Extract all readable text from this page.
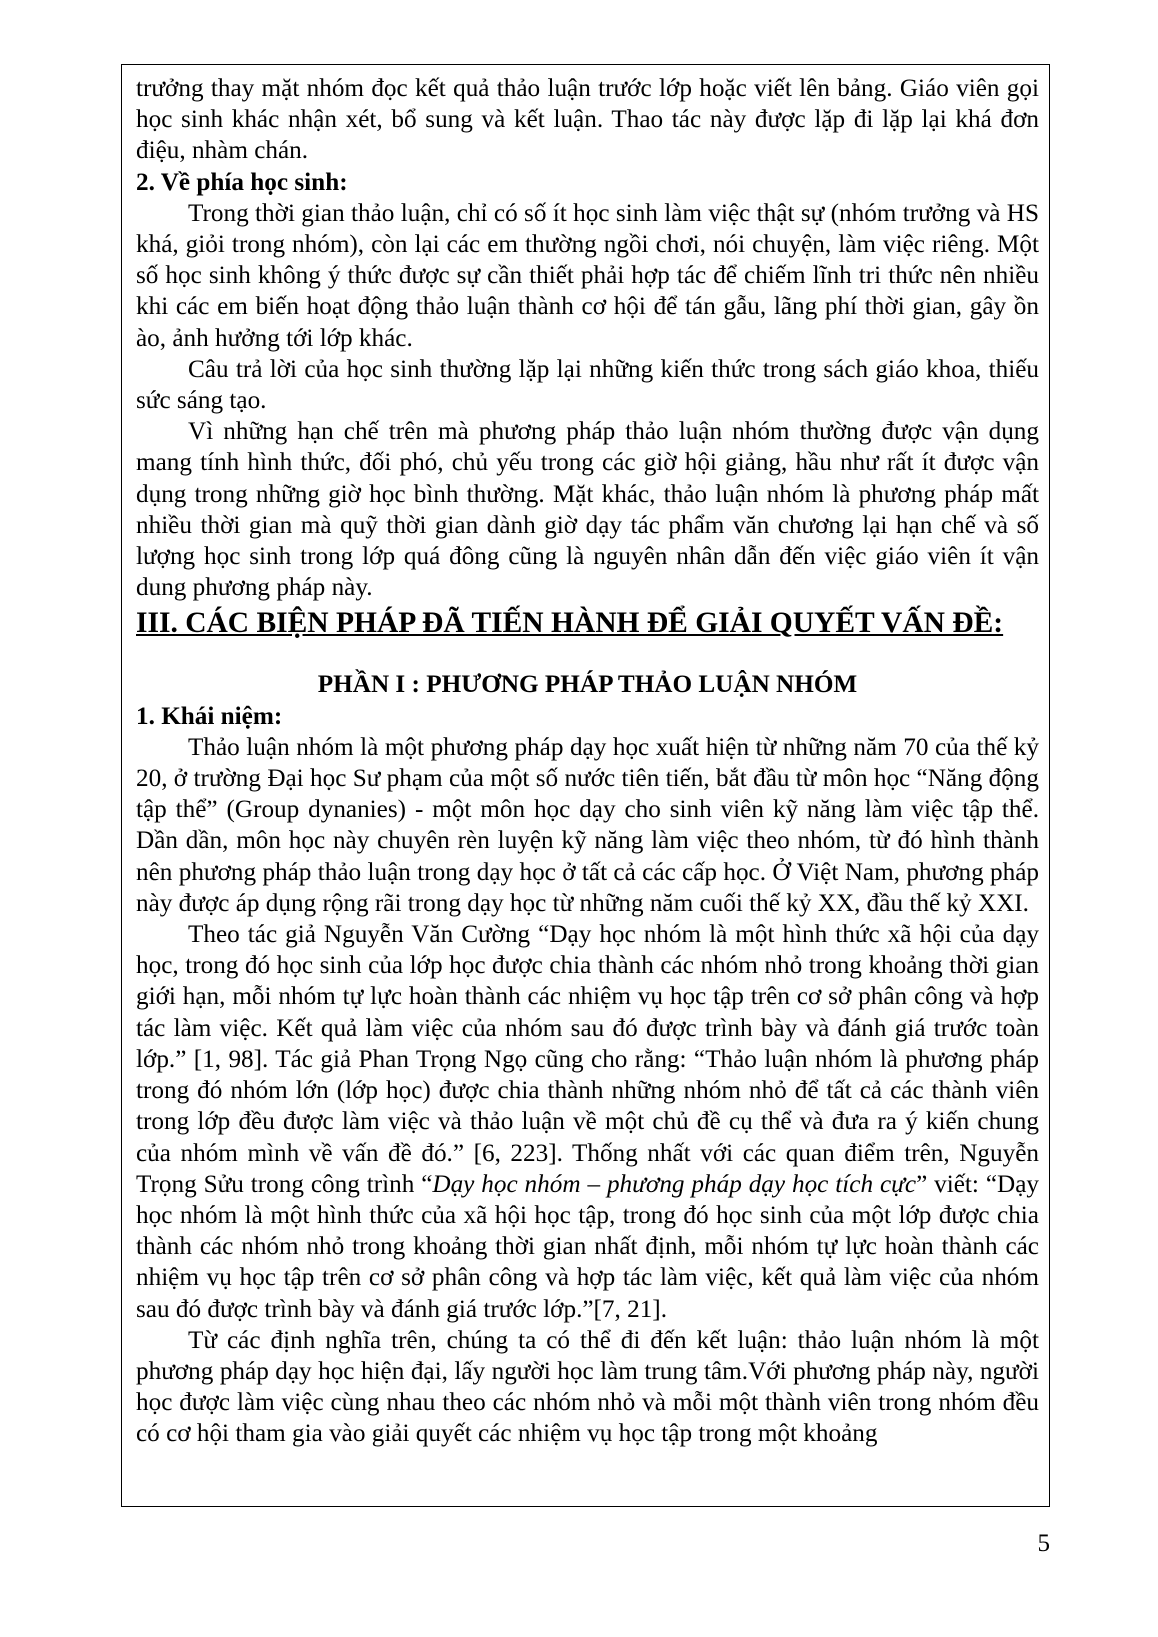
trưởng thay mặt nhóm đọc kết quả thảo luận trước lớp hoặc viết lên bảng. Giáo viên gọi học sinh khác nhận xét, bổ sung và kết luận. Thao tác này được lặp đi lặp lại khá đơn điệu, nhàm chán.

2. Về phía học sinh:

Trong thời gian thảo luận, chỉ có số ít học sinh làm việc thật sự (nhóm trưởng và HS khá, giỏi trong nhóm), còn lại các em thường ngồi chơi, nói chuyện, làm việc riêng. Một số học sinh không ý thức được sự cần thiết phải hợp tác để chiếm lĩnh tri thức nên nhiều khi các em biến hoạt động thảo luận thành cơ hội để tán gẫu, lãng phí thời gian, gây ồn ào, ảnh hưởng tới lớp khác.

Câu trả lời của học sinh thường lặp lại những kiến thức trong sách giáo khoa, thiếu sức sáng tạo.

Vì những hạn chế trên mà phương pháp thảo luận nhóm thường được vận dụng mang tính hình thức, đối phó, chủ yếu trong các giờ hội giảng, hầu như rất ít được vận dụng trong những giờ học bình thường. Mặt khác, thảo luận nhóm là phương pháp mất nhiều thời gian mà quỹ thời gian dành giờ dạy tác phẩm văn chương lại hạn chế và số lượng học sinh trong lớp quá đông cũng là nguyên nhân dẫn đến việc giáo viên ít vận dung phương pháp này.

III. CÁC BIỆN PHÁP ĐÃ TIẾN HÀNH ĐỂ GIẢI QUYẾT VẤN ĐỀ:

PHẦN I : PHƯƠNG PHÁP THẢO LUẬN NHÓM

1. Khái niệm:

Thảo luận nhóm là một phương pháp dạy học xuất hiện từ những năm 70 của thế kỷ 20, ở trường Đại học Sư phạm của một số nước tiên tiến, bắt đầu từ môn học “Năng động tập thể” (Group dynanies) - một môn học dạy cho sinh viên kỹ năng làm việc tập thể. Dần dần, môn học này chuyên rèn luyện kỹ năng làm việc theo nhóm, từ đó hình thành nên phương pháp thảo luận trong dạy học ở tất cả các cấp học. Ở Việt Nam, phương pháp này được áp dụng rộng rãi trong dạy học từ những năm cuối thế kỷ XX, đầu thế kỷ XXI.

Theo tác giả Nguyễn Văn Cường “Dạy học nhóm là một hình thức xã hội của dạy học, trong đó học sinh của lớp học được chia thành các nhóm nhỏ trong khoảng thời gian giới hạn, mỗi nhóm tự lực hoàn thành các nhiệm vụ học tập trên cơ sở phân công và hợp tác làm việc. Kết quả làm việc của nhóm sau đó được trình bày và đánh giá trước toàn lớp.” [1, 98]. Tác giả Phan Trọng Ngọ cũng cho rằng: “Thảo luận nhóm là phương pháp trong đó nhóm lớn (lớp học) được chia thành những nhóm nhỏ để tất cả các thành viên trong lớp đều được làm việc và thảo luận về một chủ đề cụ thể và đưa ra ý kiến chung của nhóm mình về vấn đề đó.” [6, 223]. Thống nhất với các quan điểm trên, Nguyễn Trọng Sửu trong công trình “Dạy học nhóm – phương pháp dạy học tích cực” viết: “Dạy học nhóm là một hình thức của xã hội học tập, trong đó học sinh của một lớp được chia thành các nhóm nhỏ trong khoảng thời gian nhất định, mỗi nhóm tự lực hoàn thành các nhiệm vụ học tập trên cơ sở phân công và hợp tác làm việc, kết quả làm việc của nhóm sau đó được trình bày và đánh giá trước lớp.”[7, 21].

Từ các định nghĩa trên, chúng ta có thể đi đến kết luận: thảo luận nhóm là một phương pháp dạy học hiện đại, lấy người học làm trung tâm.Với phương pháp này, người học được làm việc cùng nhau theo các nhóm nhỏ và mỗi một thành viên trong nhóm đều có cơ hội tham gia vào giải quyết các nhiệm vụ học tập trong một khoảng

5
